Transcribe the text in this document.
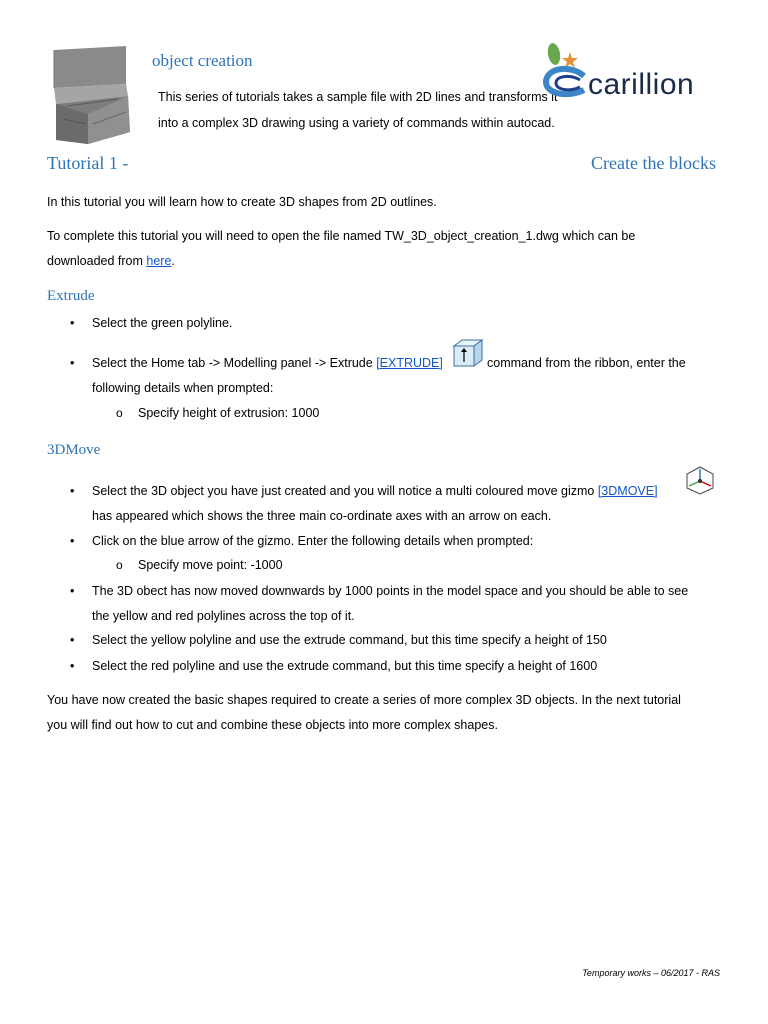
object creation
This series of tutorials takes a sample file with 2D lines and transforms it into a complex 3D drawing using a variety of commands within autocad.
carillion
Tutorial 1 -	Create the blocks
In this tutorial you will learn how to create 3D shapes from 2D outlines.
To complete this tutorial you will need to open the file named TW_3D_object_creation_1.dwg which can be downloaded from here.
Extrude
• Select the green polyline.
• Select the Home tab -> Modelling panel -> Extrude [EXTRUDE]	command from the ribbon, enter the
following details when prompted:
o Specify height of extrusion: 1000
3DMove
• Select the 3D object you have just created and you will notice a multi coloured move gizmo [3DMOVE]
has appeared which shows the three main co-ordinate axes with an arrow on each.
• Click on the blue arrow of the gizmo. Enter the following details when prompted:
o Specify move point: -1000
• The 3D obect has now moved downwards by 1000 points in the model space and you should be able to see
the yellow and red polylines across the top of it.
• Select the yellow polyline and use the extrude command, but this time specify a height of 150
• Select the red polyline and use the extrude command, but this time specify a height of 1600
You have now created the basic shapes required to create a series of more complex 3D objects. In the next tutorial
you will find out how to cut and combine these objects into more complex shapes.
Temporary works – 06/2017 - RAS
